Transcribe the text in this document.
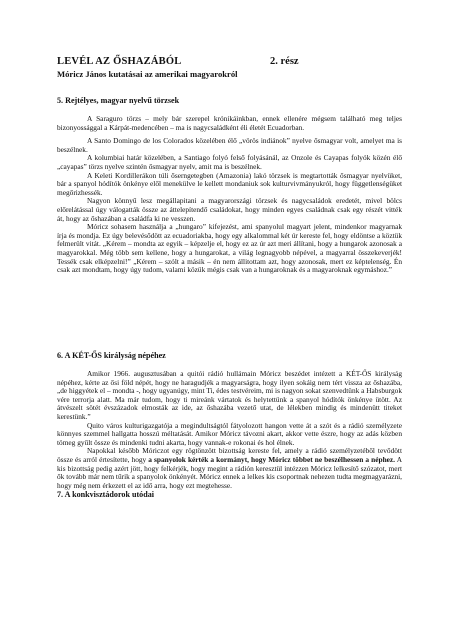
LEVÉL AZ ŐSHAZÁBÓL	2. rész
Móricz János kutatásai az amerikai magyarokról
5. Rejtélyes, magyar nyelvű törzsek

A Saraguro törzs – mely bár szerepel krónikáinkban, ennek ellenére mégsem található meg teljes bizonyossággal a Kárpát-medencében – ma is nagycsaládként éli életét Ecuadorban.

A Santo Domingo de los Colorados közelében élő „vörös indiánok” nyelve ősmagyar volt, amelyet ma is beszélnek.

A kolumbiai határ közelében, a Santiago folyó felső folyásánál, az Onzole és Cayapas folyók közén élő „cayapas” törzs nyelve szintén ősmagyar nyelv, amit ma is beszélnek.

A Keleti Kordillerákon túli őserngetegben (Amazonia) lakó törzsek is megtartották ősmagyar nyelvüket, bár a spanyol hódítók önkénye elől menekülve le kellett mondaniuk sok kulturvivmányukról, hogy függetlenségüket megőrizhessék.

Nagyon könnyű lesz megállapitani a magyarországi törzsek és nagycsaládok eredetét, mivel bölcs előrelátással úgy válogatták össze az áttelepítendő családokat, hogy minden egyes családnak csak egy részét vitték át, hogy az őshazában a családfa ki ne vesszen.

Móricz sohasem használja a „hungaro” kifejezést, ami spanyolul magyart jelent, mindenkor magyarnak írja és mondja. Ez úgy belevésődött az ecuadoriakba, hogy egy alkalommal két úr kereste fel, hogy eldöntse a köztük felmerült vitát. „Kérem – mondta az egyik – képzelje el, hogy ez az úr azt meri állítani, hogy a hungarok azonosak a magyarokkal. Még több sem kellene, hogy a hungarokat, a világ legnagyobb népével, a magyarral összekeverjék! Tessék csak elképzelni!” „Kérem – szólt a másik – én nem állitottam azt, hogy azonosak, mert ez képtelenség. Én csak azt mondtam, hogy úgy tudom, valami közük mégis csak van a hungaroknak és a magyaroknak egymáshoz.”

6. A KÉT-ŐS királyság népéhez

Amikor 1966. augusztusában a quitói rádió hullámain Móricz beszédet intézett a KÉT-ŐS királyság népéhez, kérte az ősi föld népét, hogy ne haragudjék a magyarságra, hogy ilyen sokáig nem tért vissza az őshazába, „de higgyétek el – mondta -, hogy ugyanúgy, mint Ti, édes testvéreim, mi is nagyon sokat szenvedtünk a Habsburgok vére terrorja alatt. Ma már tudom, hogy ti mireánk vártatok és helytettünk a spanyol hódítók önkénye ütött. Az átvészelt sötét évszázadok elmosták az ide, az őshazába vezető utat, de lélekben mindig és mindenütt titeket kerestünk.”

Quito város kulturigazgatója a megindultságtól fátyolozott hangon vette át a szót és a rádió személyzete könnyes szemmel hallgatta hosszú méltatását. Amikor Móricz távozni akart, akkor vette észre, hogy az adás közben tömeg gyűlt össze és mindenki tudni akarta, hogy vannak-e rokonai és hol élnek.

Napokkal később Móriczot egy rögtönzött bizottság kereste fel, amely a rádió személyzetéből tevődött össze és arról értesítette, hogy a spanyolok kérték a kormányt, hogy Móricz többet ne beszélhessen a néphez. A kis bizottság pedig azért jött, hogy felkérjék, hogy megint a rádión keresztül intézzen Móricz lelkesítő szózatot, mert ők tovább már nem tűrik a spanyolok önkényét. Móricz ennek a lelkes kis csoportnak nehezen tudta megmagyarázni, hogy még nem érkezett el az idő arra, hogy ezt megtehesse.

7. A konkvisztádorok utódai
